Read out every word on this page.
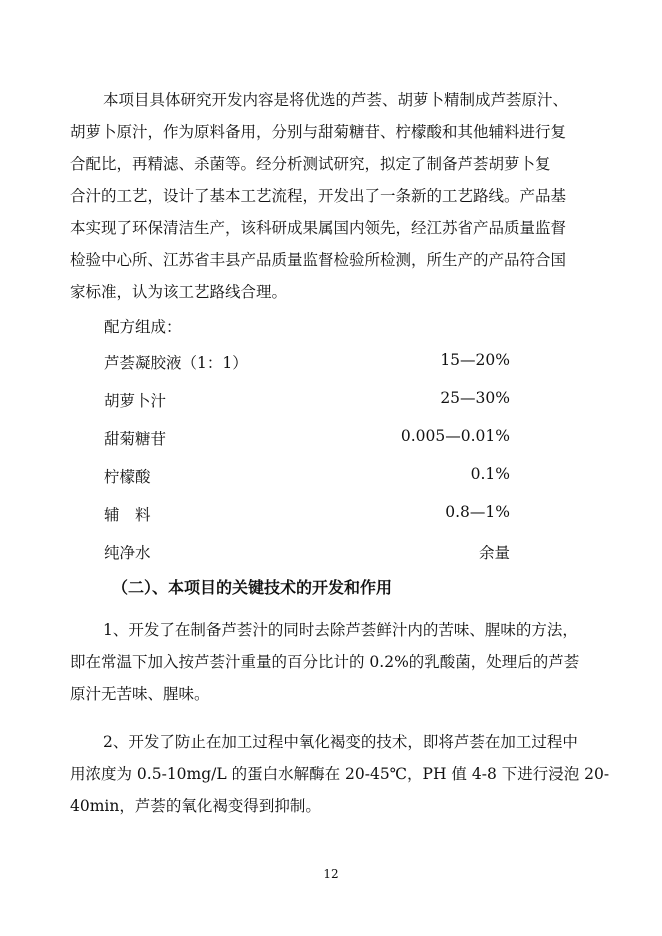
本项目具体研究开发内容是将优选的芦荟、胡萝卜精制成芦荟原汁、
胡萝卜原汁，作为原料备用，分别与甜菊糖苷、柠檬酸和其他辅料进行复
合配比，再精滤、杀菌等。经分析测试研究，拟定了制备芦荟胡萝卜复
合汁的工艺，设计了基本工艺流程，开发出了一条新的工艺路线。产品基
本实现了环保清洁生产，该科研成果属国内领先，经江苏省产品质量监督
检验中心所、江苏省丰县产品质量监督检验所检测，所生产的产品符合国
家标准，认为该工艺路线合理。
配方组成：
芦荟凝胶液（1：1）	15—20%
胡萝卜汁	25—30%
甜菊糖苷	0.005—0.01%
柠檬酸	0.1%
辅　料	0.8—1%
纯净水	余量
（二）、本项目的关键技术的开发和作用
1、开发了在制备芦荟汁的同时去除芦荟鲜汁内的苦味、腥味的方法，
即在常温下加入按芦荟汁重量的百分比计的 0.2%的乳酸菌，处理后的芦荟
原汁无苦味、腥味。
2、开发了防止在加工过程中氧化褐变的技术，即将芦荟在加工过程中
用浓度为 0.5-10mg/L 的蛋白水解酶在 20-45℃，PH 值 4-8 下进行浸泡 20-
40min，芦荟的氧化褐变得到抑制。
12
